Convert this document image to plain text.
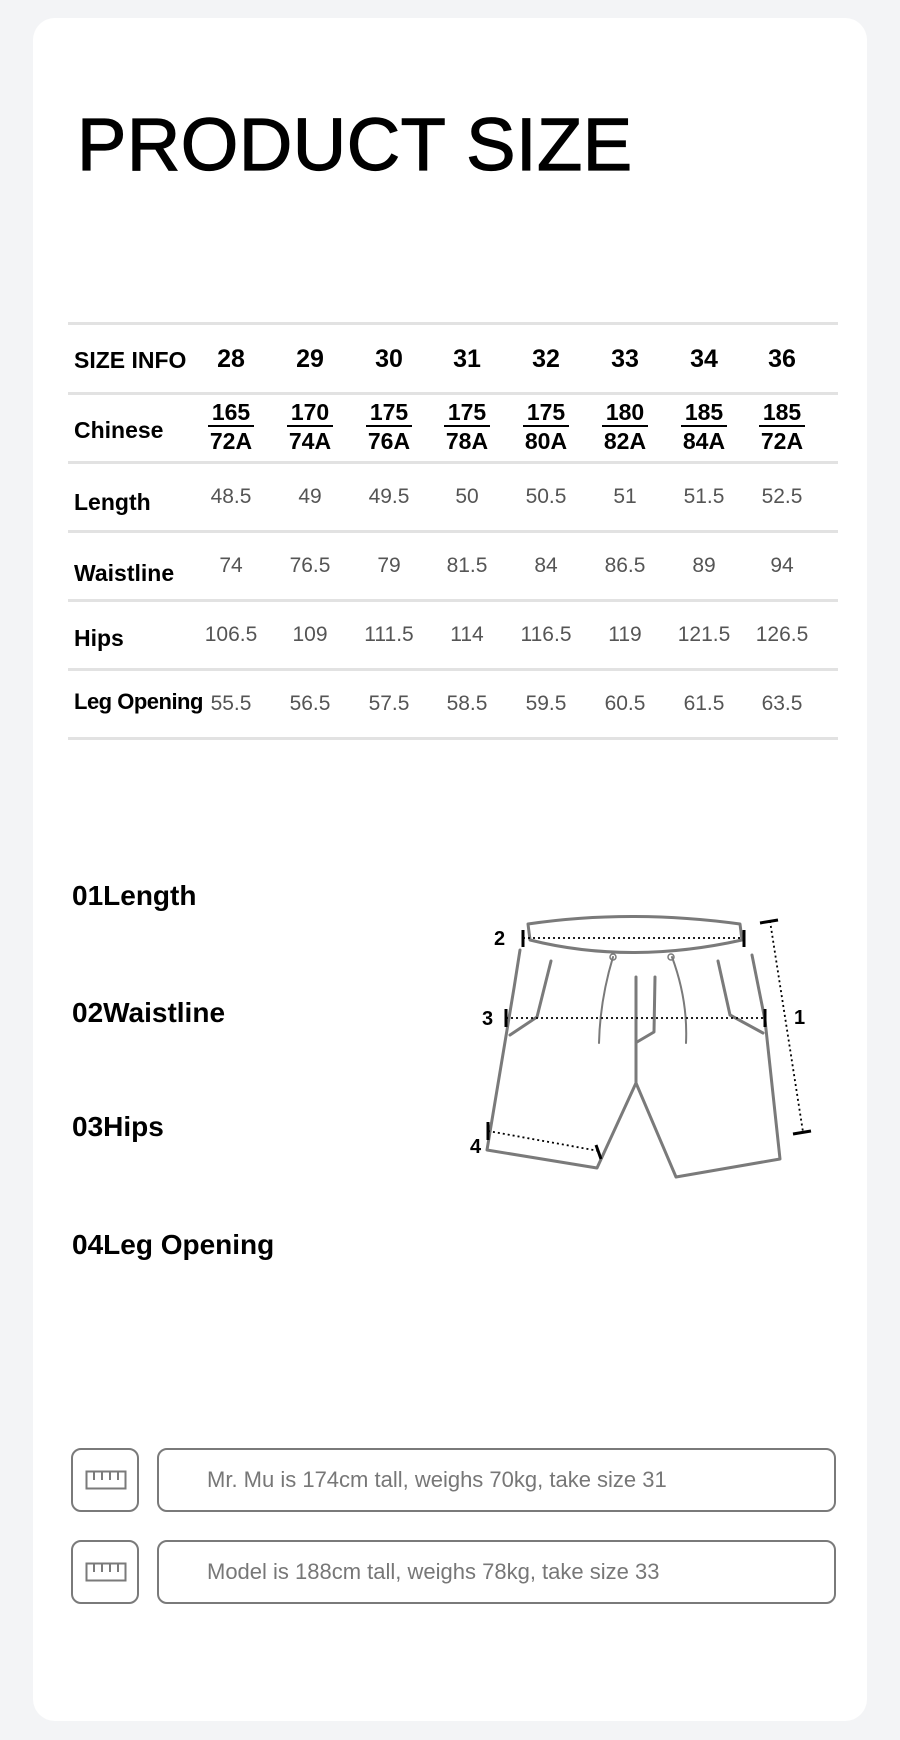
PRODUCT SIZE
SIZE INFO	28	29	30	31	32	33	34	36
Chinese $\frac{165}{72A} \frac{170}{74A} \frac{175}{76A} \frac{175}{78A} \frac{175}{80A} \frac{180}{82A} \frac{185}{84A} \frac{185}{72A}$
Length	48.5	49	49.5	50	50.5	51	51.5	52.5
Waistline	74	76.5	79	81.5	84	86.5	89	94
Hips	106.5	109	111.5	114	116.5	119	121.5 126.5
Leg Opening 55.5	56.5	57.5	58.5	59.5	60.5	61.5	63.5
01Length
02Waistline
03Hips
04Leg Opening
2
3	1
4
Mr. Mu is 174cm tall, weighs 70kg, take size 31
Model is 188cm tall, weighs 78kg, take size 33
